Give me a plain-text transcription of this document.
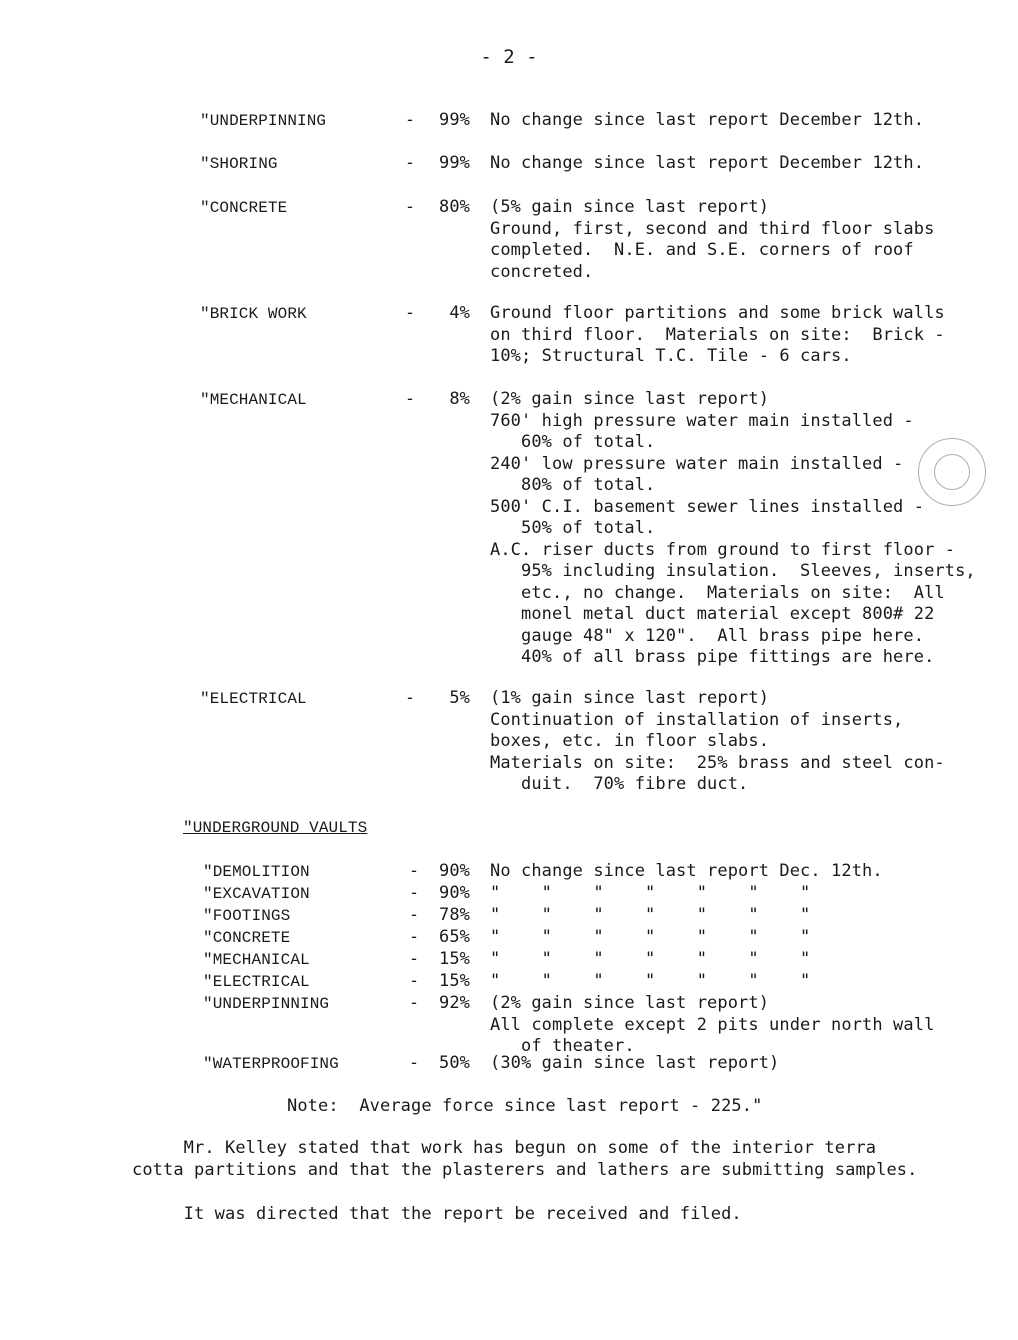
- 2 -
"UNDERPINNING	-	99% No change since last report December 12th.
"SHORING	-	99% No change since last report December 12th.
"CONCRETE	-	80% (5% gain since last report)
Ground, first, second and third floor slabs
completed.  N.E. and S.E. corners of roof
concreted.
"BRICK WORK	-	4% Ground floor partitions and some brick walls
on third floor.  Materials on site:  Brick -
10%; Structural T.C. Tile - 6 cars.
"MECHANICAL	-	8% (2% gain since last report)
760' high pressure water main installed -
60% of total.
240' low pressure water main installed -
80% of total.
500' C.I. basement sewer lines installed -
50% of total.
A.C. riser ducts from ground to first floor -
95% including insulation.  Sleeves, inserts,
etc., no change.  Materials on site:  All
monel metal duct material except 800# 22
gauge 48" x 120".  All brass pipe here.
40% of all brass pipe fittings are here.
"ELECTRICAL	-	5% (1% gain since last report)
Continuation of installation of inserts,
boxes, etc. in floor slabs.
Materials on site:  25% brass and steel con-
duit.  70% fibre duct.
"UNDERGROUND VAULTS
"DEMOLITION	-	90% No change since last report Dec. 12th.
"EXCAVATION	-	90% "    "    "    "    "    "    "
"FOOTINGS	-	78% "    "    "    "    "    "    "
"CONCRETE	-	65% "    "    "    "    "    "    "
"MECHANICAL	-	15% "    "    "    "    "    "    "
"ELECTRICAL	-	15% "    "    "    "    "    "    "
"UNDERPINNING	-	92% (2% gain since last report)
All complete except 2 pits under north wall
of theater.
"WATERPROOFING	-	50% (30% gain since last report)
Note:  Average force since last report - 225."
Mr. Kelley stated that work has begun on some of the interior terra
cotta partitions and that the plasterers and lathers are submitting samples.
It was directed that the report be received and filed.
